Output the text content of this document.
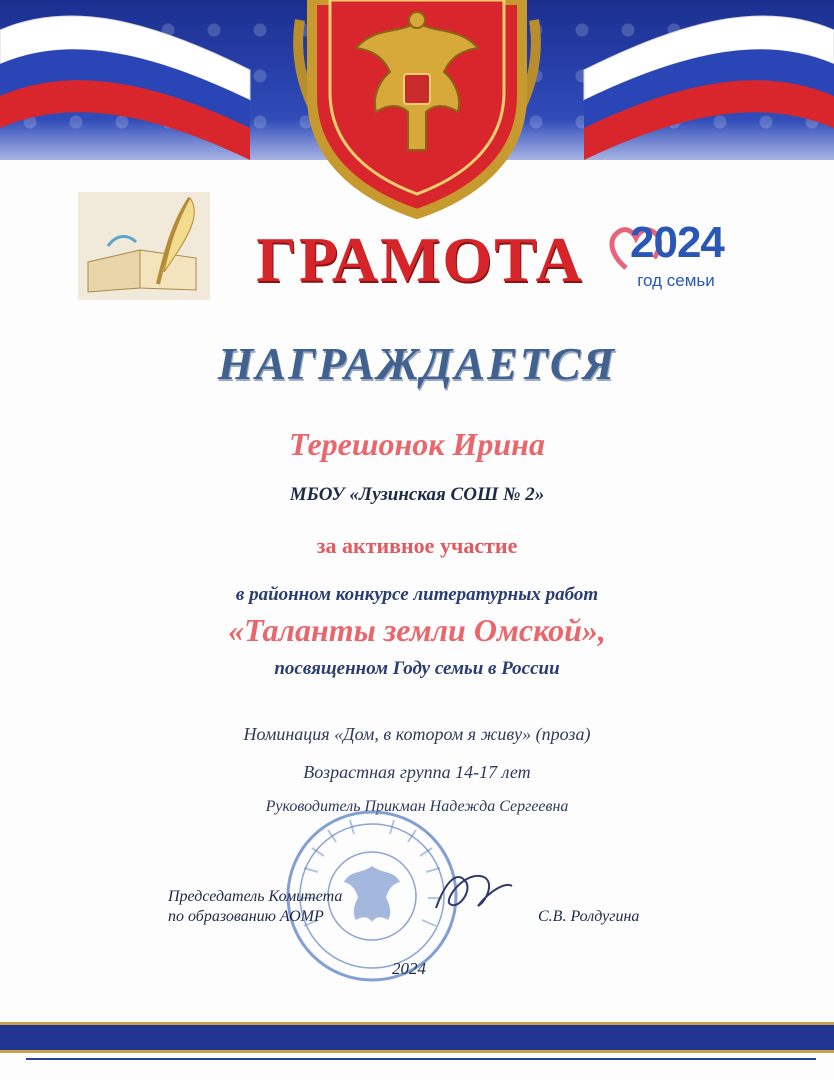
ГРАМОТА 2024
год семьи
НАГРАЖДАЕТСЯ
Терешонок Ирина
МБОУ «Лузинская СОШ № 2»
за активное участие
в районном конкурсе литературных работ
«Таланты земли Омской»,
посвященном Году семьи в России
Номинация «Дом, в котором я живу» (проза)
Возрастная группа 14-17 лет
Руководитель Прикман Надежда Сергеевна
Председатель Комитета
по образованию АОМР	С.В. Ролдугина
2024
